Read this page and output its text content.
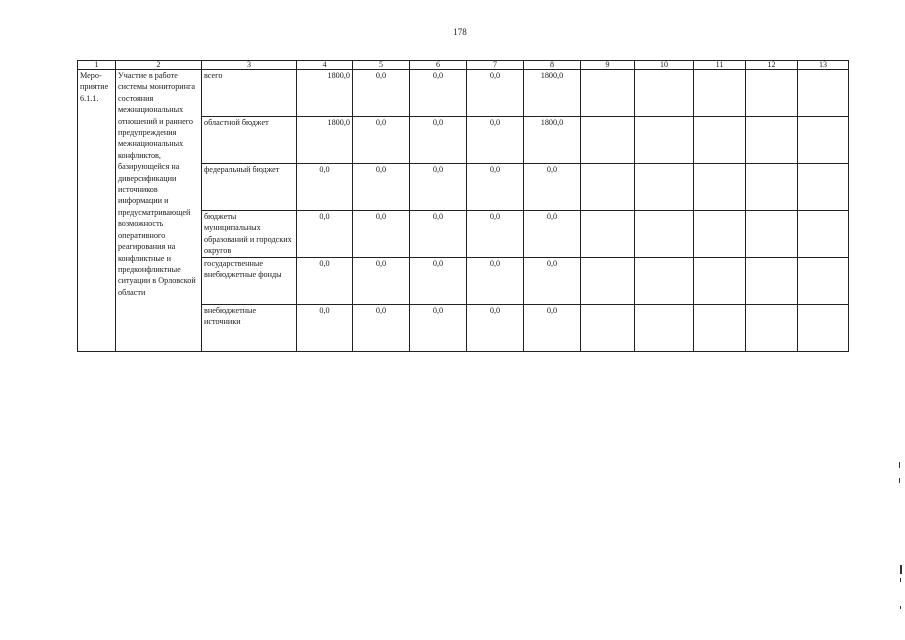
178
1	2	3	4	5	6	7	8	9	10	11	12	13
Меро-приятие 6.1.1.	Участие в работе системы мониторинга состояния межнациональных отношений и раннего предупреждения межнациональных конфликтов, базирующейся на диверсификации источников информации и предусматривающей возможность оперативного реагирования на конфликтные и предконфликтные ситуации в Орловской области	всего	1800,0	0,0	0,0	0,0	1800,0					
		областной бюджет	1800,0	0,0	0,0	0,0	1800,0					
		федеральный бюджет	0,0	0,0	0,0	0,0	0,0					
		бюджеты муниципальных образований и городских округов	0,0	0,0	0,0	0,0	0,0					
		государственные внебюджетные фонды	0,0	0,0	0,0	0,0	0,0					
		внебюджетные источники	0,0	0,0	0,0	0,0	0,0					
